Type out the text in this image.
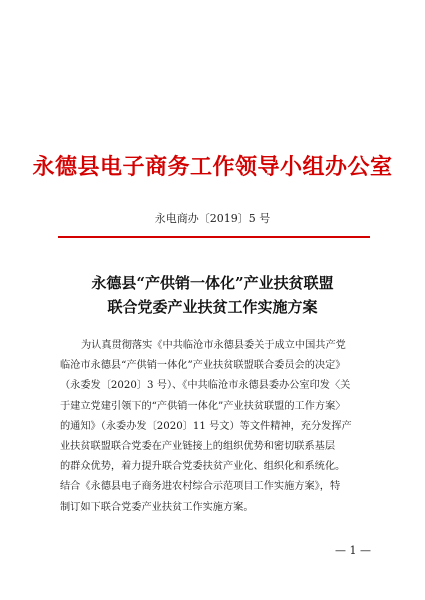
永德县电子商务工作领导小组办公室
永电商办〔2019〕5 号
永德县“产供销一体化”产业扶贫联盟
联合党委产业扶贫工作实施方案
为认真贯彻落实《中共临沧市永德县委关于成立中国共产党
临沧市永德县“产供销一体化”产业扶贫联盟联合委员会的决定》
（永委发〔2020〕3 号）、《中共临沧市永德县委办公室印发〈关
于建立党建引领下的“产供销一体化”产业扶贫联盟的工作方案〉
的通知》（永委办发〔2020〕11 号文）等文件精神，充分发挥产
业扶贫联盟联合党委在产业链接上的组织优势和密切联系基层
的群众优势，着力提升联合党委扶贫产业化、组织化和系统化。
结合《永德县电子商务进农村综合示范项目工作实施方案》，特
制订如下联合党委产业扶贫工作实施方案。
— 1 —
